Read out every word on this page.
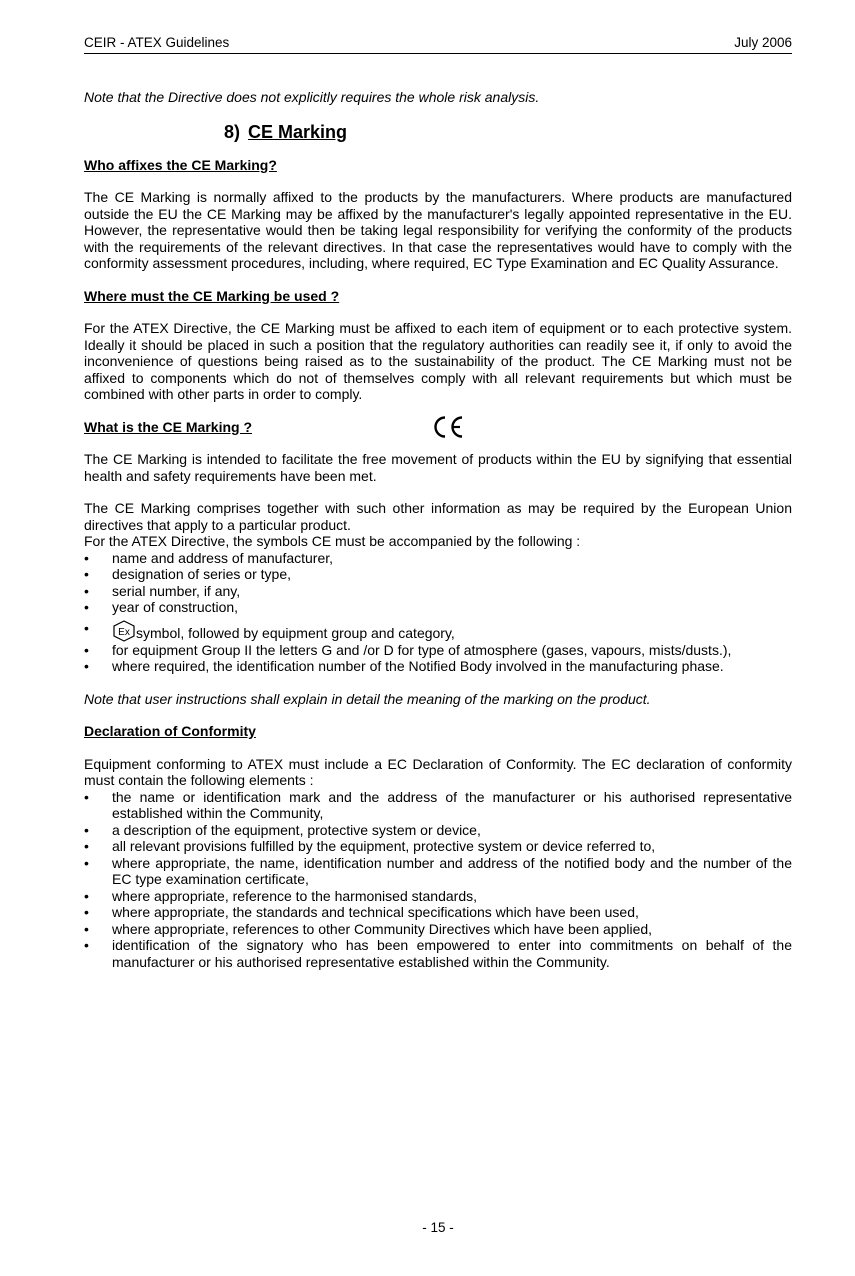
CEIR - ATEX Guidelines	July 2006

Note that the Directive does not explicitly requires the whole risk analysis.

8) CE Marking

Who affixes the CE Marking?

The CE Marking is normally affixed to the products by the manufacturers. Where products are manufactured outside the EU the CE Marking may be affixed by the manufacturer's legally appointed representative in the EU. However, the representative would then be taking legal responsibility for verifying the conformity of the products with the requirements of the relevant directives. In that case the representatives would have to comply with the conformity assessment procedures, including, where required, EC Type Examination and EC Quality Assurance.

Where must the CE Marking be used ?

For the ATEX Directive, the CE Marking must be affixed to each item of equipment or to each protective system. Ideally it should be placed in such a position that the regulatory authorities can readily see it, if only to avoid the inconvenience of questions being raised as to the sustainability of the product. The CE Marking must not be affixed to components which do not of themselves comply with all relevant requirements but which must be combined with other parts in order to comply.

What is the CE Marking ?

The CE Marking is intended to facilitate the free movement of products within the EU by signifying that essential health and safety requirements have been met.

The CE Marking comprises together with such other information as may be required by the European Union directives that apply to a particular product.

For the ATEX Directive, the symbols CE must be accompanied by the following :

• name and address of manufacturer,
• designation of series or type,
• serial number, if any,
• year of construction,
• Ex symbol, followed by equipment group and category,
• for equipment Group II the letters G and /or D for type of atmosphere (gases, vapours, mists/dusts.),
• where required, the identification number of the Notified Body involved in the manufacturing phase.

Note that user instructions shall explain in detail the meaning of the marking on the product.

Declaration of Conformity

Equipment conforming to ATEX must include a EC Declaration of Conformity. The EC declaration of conformity must contain the following elements :

• the name or identification mark and the address of the manufacturer or his authorised representative established within the Community,
• a description of the equipment, protective system or device,
• all relevant provisions fulfilled by the equipment, protective system or device referred to,
• where appropriate, the name, identification number and address of the notified body and the number of the EC type examination certificate,
• where appropriate, reference to the harmonised standards,
• where appropriate, the standards and technical specifications which have been used,
• where appropriate, references to other Community Directives which have been applied,
• identification of the signatory who has been empowered to enter into commitments on behalf of the manufacturer or his authorised representative established within the Community.
- 15 -
